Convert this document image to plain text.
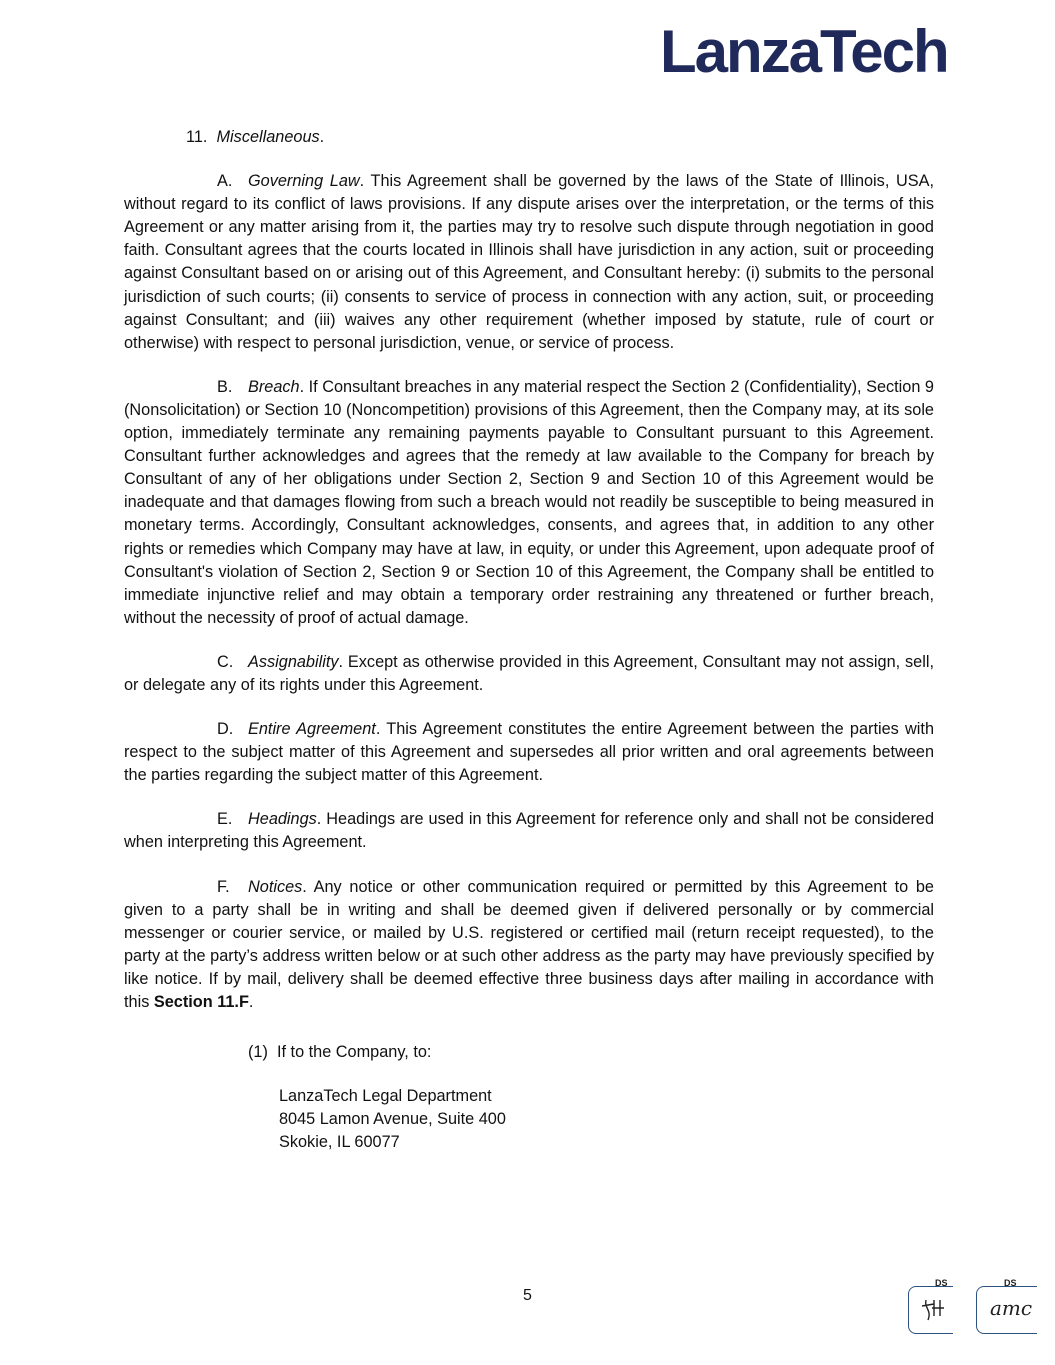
LanzaTech
11. Miscellaneous.

A. Governing Law. This Agreement shall be governed by the laws of the State of Illinois, USA, without regard to its conflict of laws provisions. If any dispute arises over the interpretation, or the terms of this Agreement or any matter arising from it, the parties may try to resolve such dispute through negotiation in good faith. Consultant agrees that the courts located in Illinois shall have jurisdiction in any action, suit or proceeding against Consultant based on or arising out of this Agreement, and Consultant hereby: (i) submits to the personal jurisdiction of such courts; (ii) consents to service of process in connection with any action, suit, or proceeding against Consultant; and (iii) waives any other requirement (whether imposed by statute, rule of court or otherwise) with respect to personal jurisdiction, venue, or service of process.

B. Breach. If Consultant breaches in any material respect the Section 2 (Confidentiality), Section 9 (Nonsolicitation) or Section 10 (Noncompetition) provisions of this Agreement, then the Company may, at its sole option, immediately terminate any remaining payments payable to Consultant pursuant to this Agreement. Consultant further acknowledges and agrees that the remedy at law available to the Company for breach by Consultant of any of her obligations under Section 2, Section 9 and Section 10 of this Agreement would be inadequate and that damages flowing from such a breach would not readily be susceptible to being measured in monetary terms. Accordingly, Consultant acknowledges, consents, and agrees that, in addition to any other rights or remedies which Company may have at law, in equity, or under this Agreement, upon adequate proof of Consultant's violation of Section 2, Section 9 or Section 10 of this Agreement, the Company shall be entitled to immediate injunctive relief and may obtain a temporary order restraining any threatened or further breach, without the necessity of proof of actual damage.

C. Assignability. Except as otherwise provided in this Agreement, Consultant may not assign, sell, or delegate any of its rights under this Agreement.

D. Entire Agreement. This Agreement constitutes the entire Agreement between the parties with respect to the subject matter of this Agreement and supersedes all prior written and oral agreements between the parties regarding the subject matter of this Agreement.

E. Headings. Headings are used in this Agreement for reference only and shall not be considered when interpreting this Agreement.

F. Notices. Any notice or other communication required or permitted by this Agreement to be given to a party shall be in writing and shall be deemed given if delivered personally or by commercial messenger or courier service, or mailed by U.S. registered or certified mail (return receipt requested), to the party at the party’s address written below or at such other address as the party may have previously specified by like notice. If by mail, delivery shall be deemed effective three business days after mailing in accordance with this Section 11.F.

(1) If to the Company, to:
LanzaTech Legal Department
8045 Lamon Avenue, Suite 400
Skokie, IL 60077
5
DS	DS
amc
